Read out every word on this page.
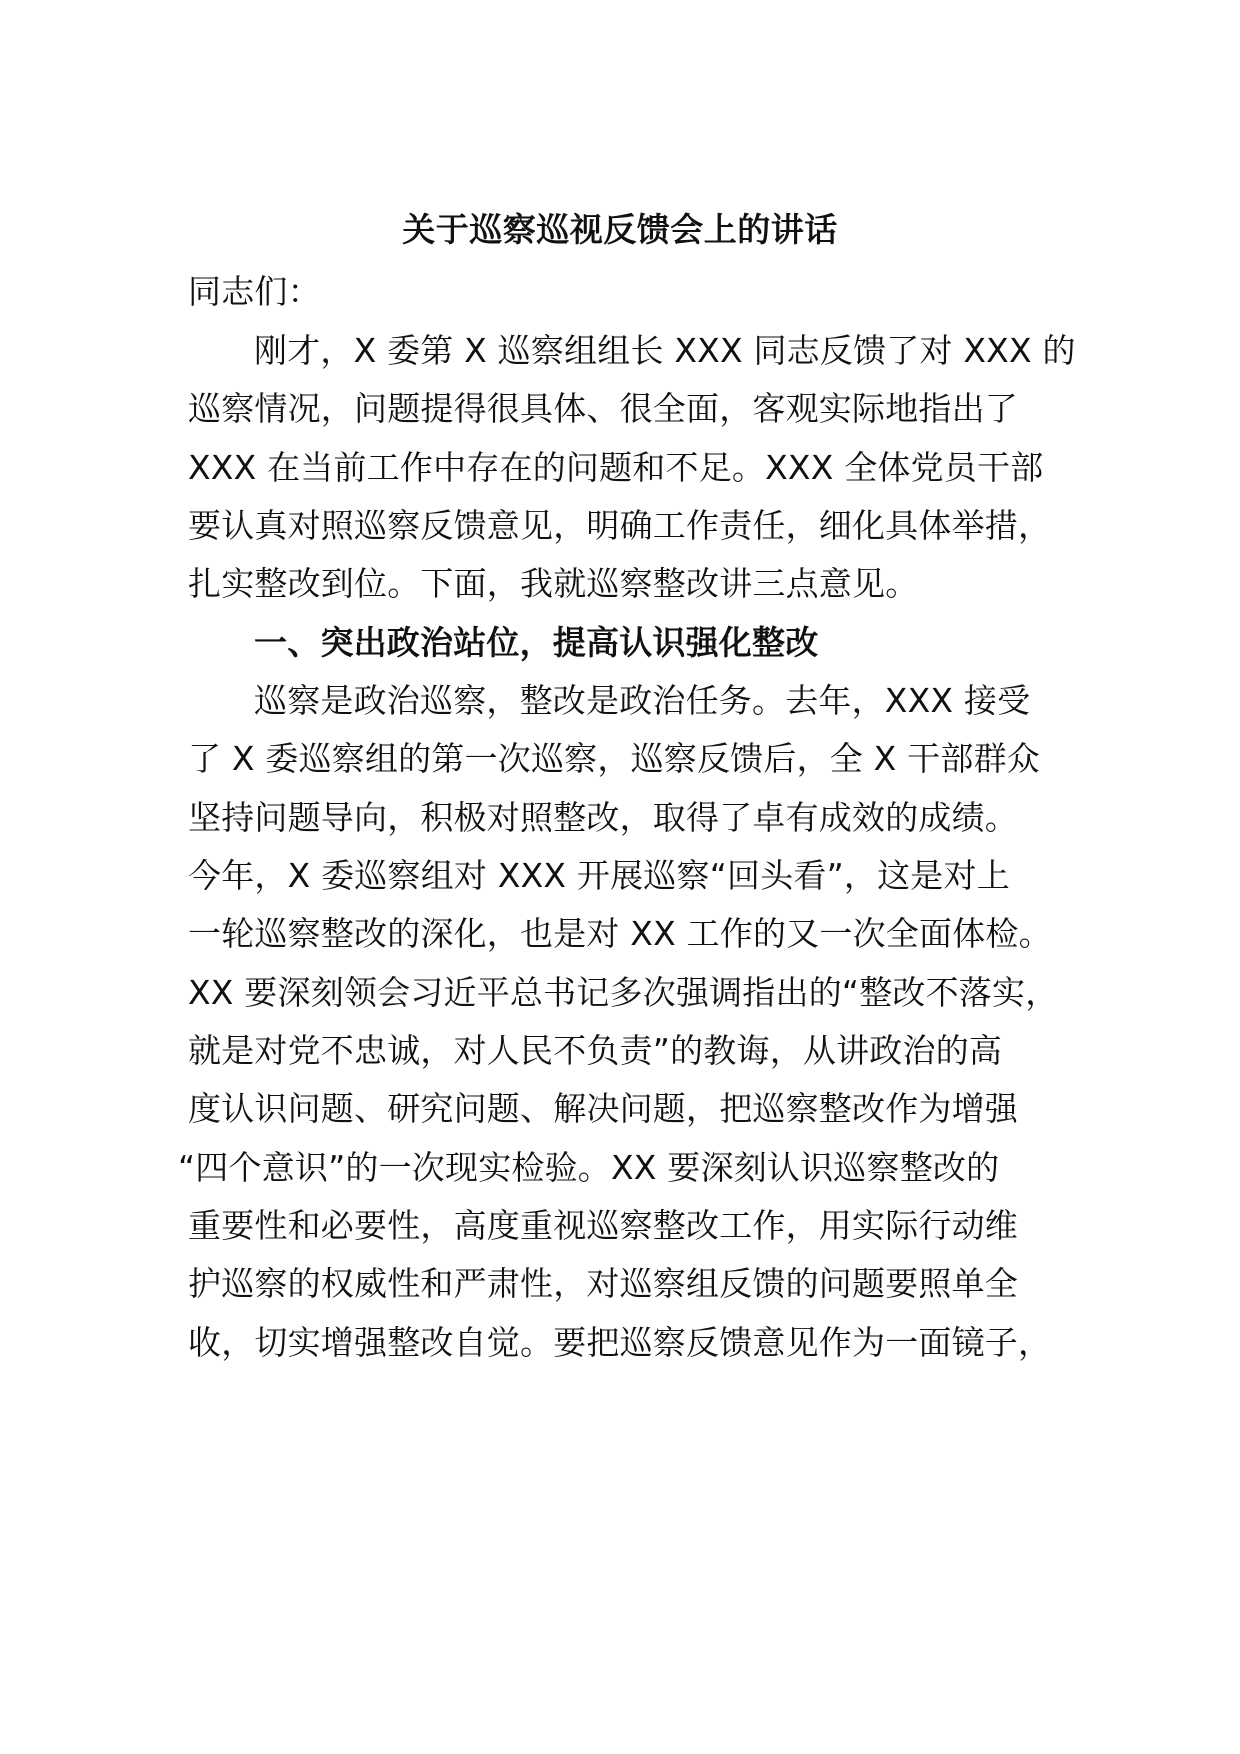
关于巡察巡视反馈会上的讲话
同志们：
刚才，X 委第 X 巡察组组长 XXX 同志反馈了对 XXX 的
巡察情况，问题提得很具体、很全面，客观实际地指出了
XXX 在当前工作中存在的问题和不足。XXX 全体党员干部
要认真对照巡察反馈意见，明确工作责任，细化具体举措，
扎实整改到位。下面，我就巡察整改讲三点意见。
一、突出政治站位，提高认识强化整改
巡察是政治巡察，整改是政治任务。去年，XXX 接受
了 X 委巡察组的第一次巡察，巡察反馈后，全 X 干部群众
坚持问题导向，积极对照整改，取得了卓有成效的成绩。
今年，X 委巡察组对 XXX 开展巡察“回头看”，这是对上
一轮巡察整改的深化，也是对 XX 工作的又一次全面体检。
XX 要深刻领会习近平总书记多次强调指出的“整改不落实，
就是对党不忠诚，对人民不负责”的教诲，从讲政治的高
度认识问题、研究问题、解决问题，把巡察整改作为增强
“四个意识”的一次现实检验。XX 要深刻认识巡察整改的
重要性和必要性，高度重视巡察整改工作，用实际行动维
护巡察的权威性和严肃性，对巡察组反馈的问题要照单全
收，切实增强整改自觉。要把巡察反馈意见作为一面镜子，
